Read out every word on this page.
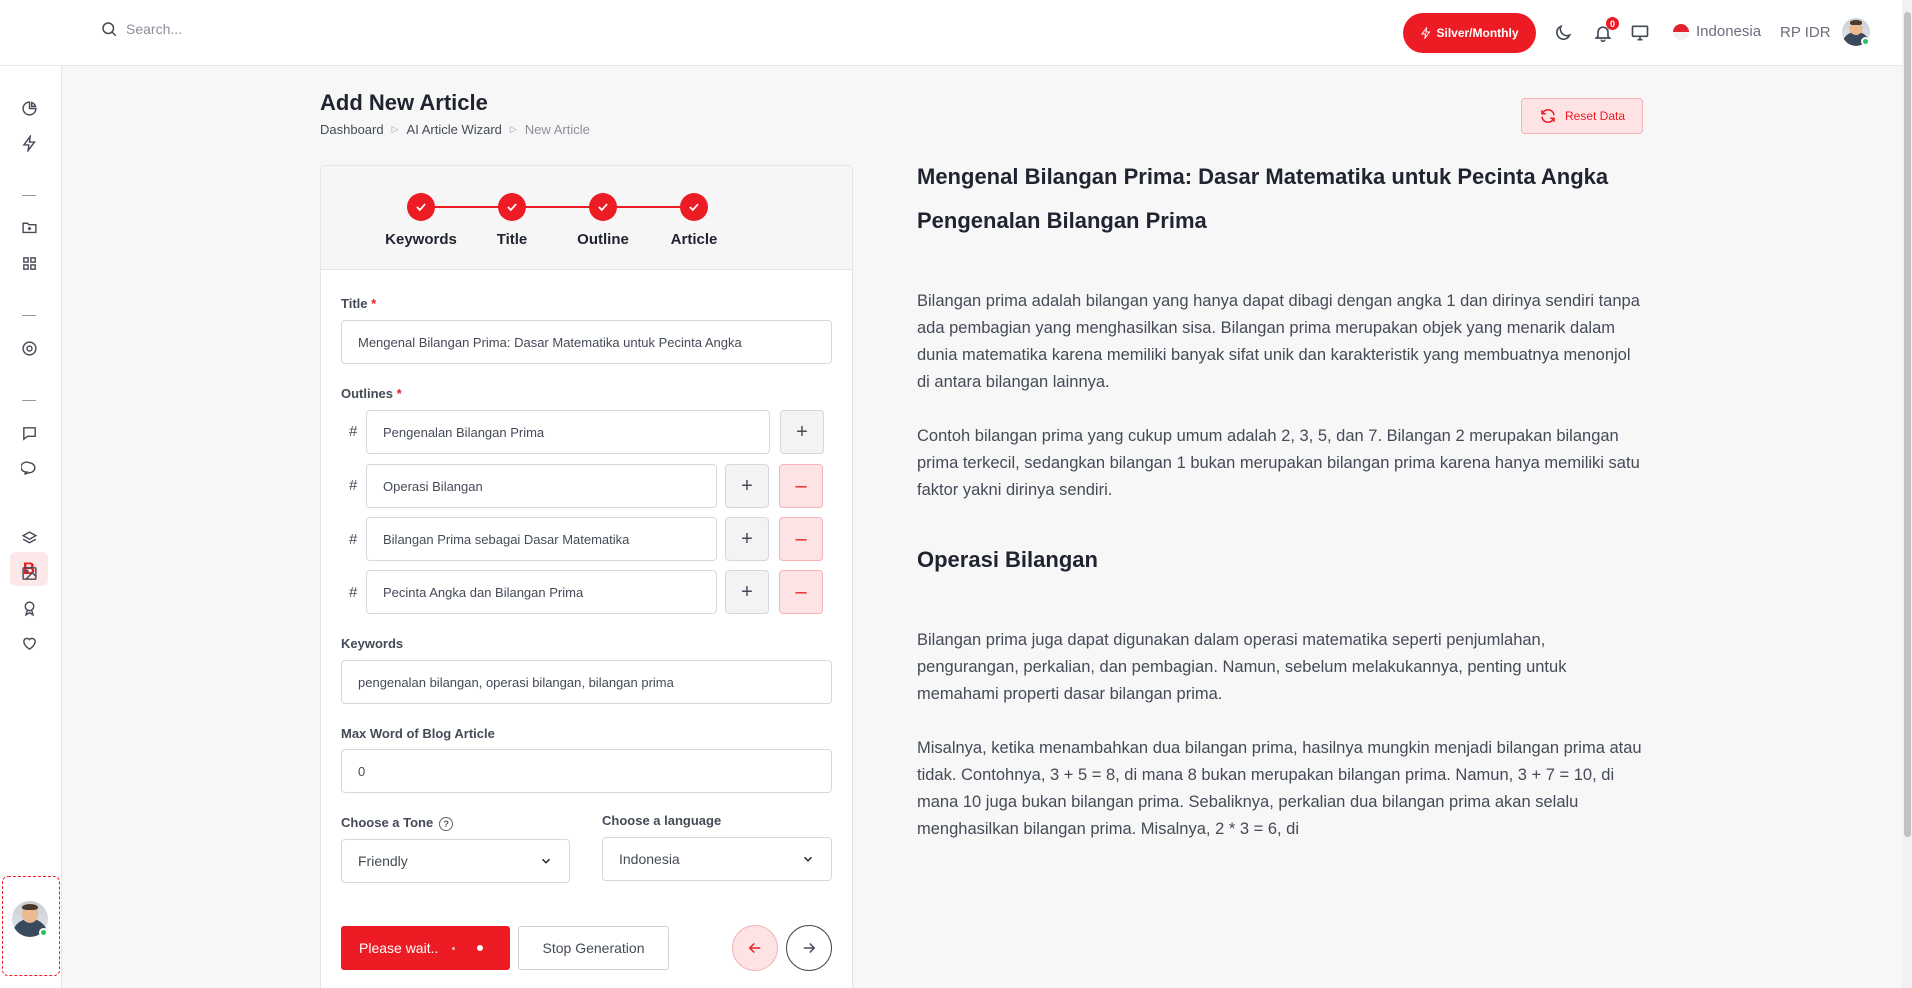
Search...	Silver/Monthly
0	Indonesia RP IDR
B
Add New Article
Dashboard ▷ AI Article Wizard ▷ New Article
Reset Data
Keywords	Title	Outline	Article
Title *
Mengenal Bilangan Prima: Dasar Matematika untuk Pecinta Angka
Outlines *
#	Pengenalan Bilangan Prima	+
#	Operasi Bilangan	+ –
#	Bilangan Prima sebagai Dasar Matematika	+ –
#	Pecinta Angka dan Bilangan Prima	+ –
Keywords
pengenalan bilangan, operasi bilangan, bilangan prima
Max Word of Blog Article
0
Choose a Tone ?
Friendly
Choose a language
Indonesia
Please wait..	Stop Generation
Mengenal Bilangan Prima: Dasar Matematika untuk Pecinta Angka
Pengenalan Bilangan Prima

Bilangan prima adalah bilangan yang hanya dapat dibagi dengan angka 1 dan dirinya sendiri tanpa ada pembagian yang menghasilkan sisa. Bilangan prima merupakan objek yang menarik dalam dunia matematika karena memiliki banyak sifat unik dan karakteristik yang membuatnya menonjol di antara bilangan lainnya.

Contoh bilangan prima yang cukup umum adalah 2, 3, 5, dan 7. Bilangan 2 merupakan bilangan prima terkecil, sedangkan bilangan 1 bukan merupakan bilangan prima karena hanya memiliki satu faktor yakni dirinya sendiri.

Operasi Bilangan

Bilangan prima juga dapat digunakan dalam operasi matematika seperti penjumlahan, pengurangan, perkalian, dan pembagian. Namun, sebelum melakukannya, penting untuk memahami properti dasar bilangan prima.

Misalnya, ketika menambahkan dua bilangan prima, hasilnya mungkin menjadi bilangan prima atau tidak. Contohnya, 3 + 5 = 8, di mana 8 bukan merupakan bilangan prima. Namun, 3 + 7 = 10, di mana 10 juga bukan bilangan prima. Sebaliknya, perkalian dua bilangan prima akan selalu menghasilkan bilangan prima. Misalnya, 2 * 3 = 6, di
